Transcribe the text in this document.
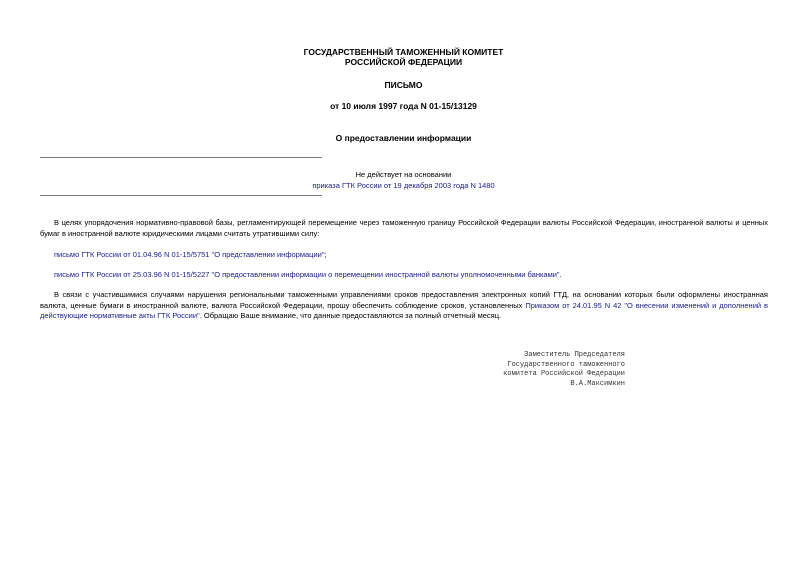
ГОСУДАРСТВЕННЫЙ ТАМОЖЕННЫЙ КОМИТЕТ
РОССИЙСКОЙ ФЕДЕРАЦИИ
ПИСЬМО
от 10 июля 1997 года N 01-15/13129
О предоставлении информации
Не действует на основании
приказа ГТК России от 19 декабря 2003 года N 1480
В целях упорядочения нормативно-правовой базы, регламентирующей перемещение через таможенную границу Российской Федерации валюты Российской Федерации, иностранной валюты и ценных бумаг в иностранной валюте юридическими лицами считать утратившими силу:
письмо ГТК России от 01.04.96 N 01-15/5751 "О представлении информации";
письмо ГТК России от 25.03.96 N 01-15/5227 "О предоставлении информации о перемещении иностранной валюты уполномоченными банками".
В связи с участившимися случаями нарушения региональными таможенными управлениями сроков предоставления электронных копий ГТД, на основании которых были оформлены иностранная валюта, ценные бумаги в иностранной валюте, валюта Российской Федерации, прошу обеспечить соблюдение сроков, установленных Приказом от 24.01.95 N 42 "О внесении изменений и дополнений в действующие нормативные акты ГТК России". Обращаю Ваше внимание, что данные предоставляются за полный отчетный месяц.
Заместитель Председателя
Государственного таможенного
комитета Российской Федерации
В.А.Максимкин
